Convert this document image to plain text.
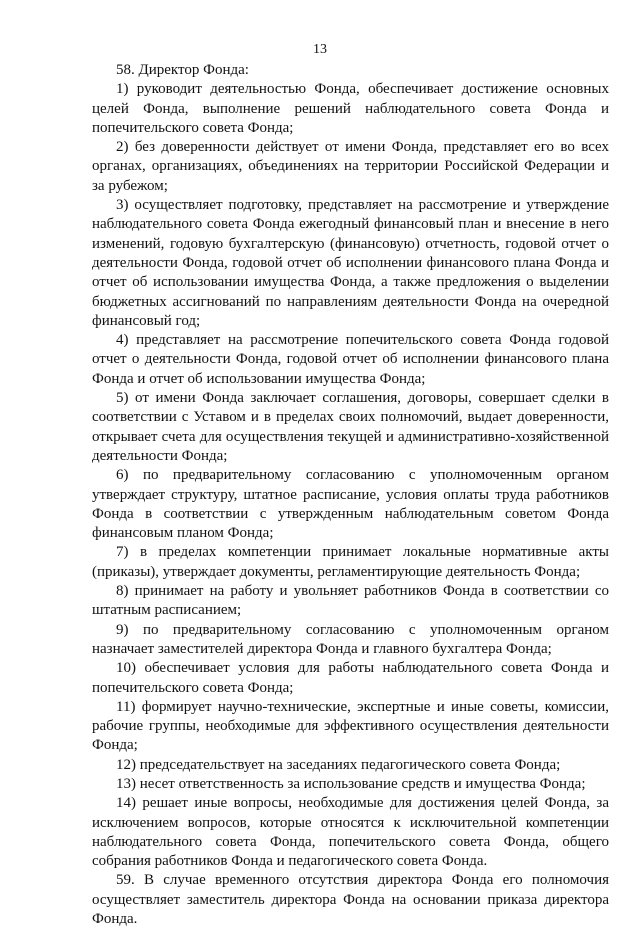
13

58. Директор Фонда:

1) руководит деятельностью Фонда, обеспечивает достижение основных целей Фонда, выполнение решений наблюдательного совета Фонда и попечительского совета Фонда;

2) без доверенности действует от имени Фонда, представляет его во всех органах, организациях, объединениях на территории Российской Федерации и за рубежом;

3) осуществляет подготовку, представляет на рассмотрение и утверждение наблюдательного совета Фонда ежегодный финансовый план и внесение в него изменений, годовую бухгалтерскую (финансовую) отчетность, годовой отчет о деятельности Фонда, годовой отчет об исполнении финансового плана Фонда и отчет об использовании имущества Фонда, а также предложения о выделении бюджетных ассигнований по направлениям деятельности Фонда на очередной финансовый год;

4) представляет на рассмотрение попечительского совета Фонда годовой отчет о деятельности Фонда, годовой отчет об исполнении финансового плана Фонда и отчет об использовании имущества Фонда;

5) от имени Фонда заключает соглашения, договоры, совершает сделки в соответствии с Уставом и в пределах своих полномочий, выдает доверенности, открывает счета для осуществления текущей и административно-хозяйственной деятельности Фонда;

6) по предварительному согласованию с уполномоченным органом утверждает структуру, штатное расписание, условия оплаты труда работников Фонда в соответствии с утвержденным наблюдательным советом Фонда финансовым планом Фонда;

7) в пределах компетенции принимает локальные нормативные акты (приказы), утверждает документы, регламентирующие деятельность Фонда;

8) принимает на работу и увольняет работников Фонда в соответствии со штатным расписанием;

9) по предварительному согласованию с уполномоченным органом назначает заместителей директора Фонда и главного бухгалтера Фонда;

10) обеспечивает условия для работы наблюдательного совета Фонда и попечительского совета Фонда;

11) формирует научно-технические, экспертные и иные советы, комиссии, рабочие группы, необходимые для эффективного осуществления деятельности Фонда;

12) председательствует на заседаниях педагогического совета Фонда;

13) несет ответственность за использование средств и имущества Фонда;

14) решает иные вопросы, необходимые для достижения целей Фонда, за исключением вопросов, которые относятся к исключительной компетенции наблюдательного совета Фонда, попечительского совета Фонда, общего собрания работников Фонда и педагогического совета Фонда.

59. В случае временного отсутствия директора Фонда его полномочия осуществляет заместитель директора Фонда на основании приказа директора Фонда.
